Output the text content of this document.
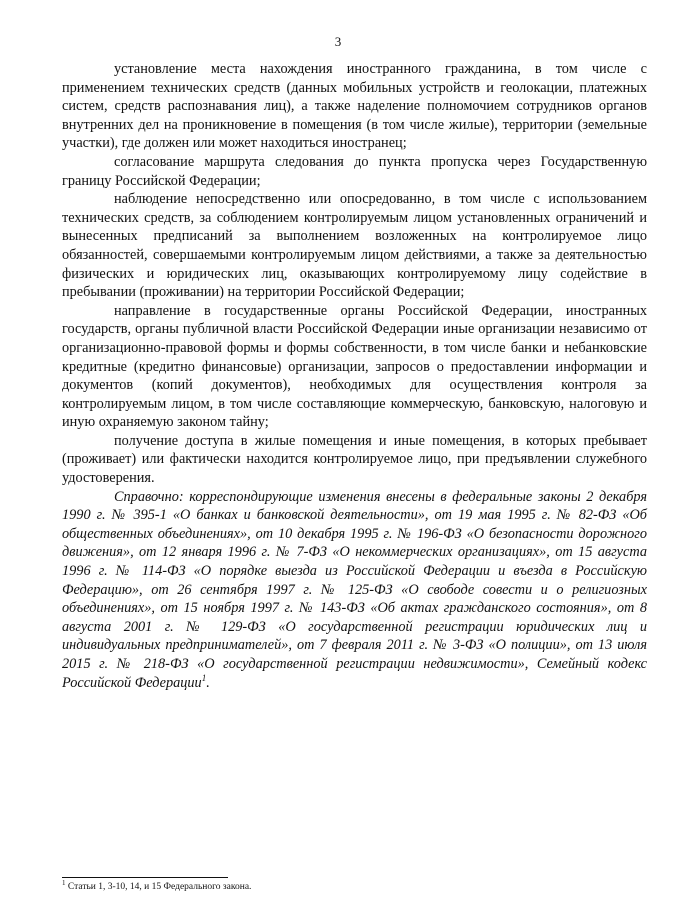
3

установление места нахождения иностранного гражданина, в том числе с применением технических средств (данных мобильных устройств и геолокации, платежных систем, средств распознавания лиц), а также наделение полномочием сотрудников органов внутренних дел на проникновение в помещения (в том числе жилые), территории (земельные участки), где должен или может находиться иностранец;

согласование маршрута следования до пункта пропуска через Государственную границу Российской Федерации;

наблюдение непосредственно или опосредованно, в том числе с использованием технических средств, за соблюдением контролируемым лицом установленных ограничений и вынесенных предписаний за выполнением возложенных на контролируемое лицо обязанностей, совершаемыми контролируемым лицом действиями, а также за деятельностью физических и юридических лиц, оказывающих контролируемому лицу содействие в пребывании (проживании) на территории Российской Федерации;

направление в государственные органы Российской Федерации, иностранных государств, органы публичной власти Российской Федерации иные организации независимо от организационно-правовой формы и формы собственности, в том числе банки и небанковские кредитные (кредитно финансовые) организации, запросов о предоставлении информации и документов (копий документов), необходимых для осуществления контроля за контролируемым лицом, в том числе составляющие коммерческую, банковскую, налоговую и иную охраняемую законом тайну;

получение доступа в жилые помещения и иные помещения, в которых пребывает (проживает) или фактически находится контролируемое лицо, при предъявлении служебного удостоверения.

Справочно: корреспондирующие изменения внесены в федеральные законы 2 декабря 1990 г. № 395-1 «О банках и банковской деятельности», от 19 мая 1995 г. № 82-ФЗ «Об общественных объединениях», от 10 декабря 1995 г. № 196-ФЗ «О безопасности дорожного движения», от 12 января 1996 г. № 7-ФЗ «О некоммерческих организациях», от 15 августа 1996 г. № 114-ФЗ «О порядке выезда из Российской Федерации и въезда в Российскую Федерацию», от 26 сентября 1997 г. № 125-ФЗ «О свободе совести и о религиозных объединениях», от 15 ноября 1997 г. № 143-ФЗ «Об актах гражданского состояния», от 8 августа 2001 г. № 129-ФЗ «О государственной регистрации юридических лиц и индивидуальных предпринимателей», от 7 февраля 2011 г. № 3-ФЗ «О полиции», от 13 июля 2015 г. № 218-ФЗ «О государственной регистрации недвижимости», Семейный кодекс Российской Федерации$^1$.

$^1$ Статьи 1, 3-10, 14, и 15 Федерального закона.
